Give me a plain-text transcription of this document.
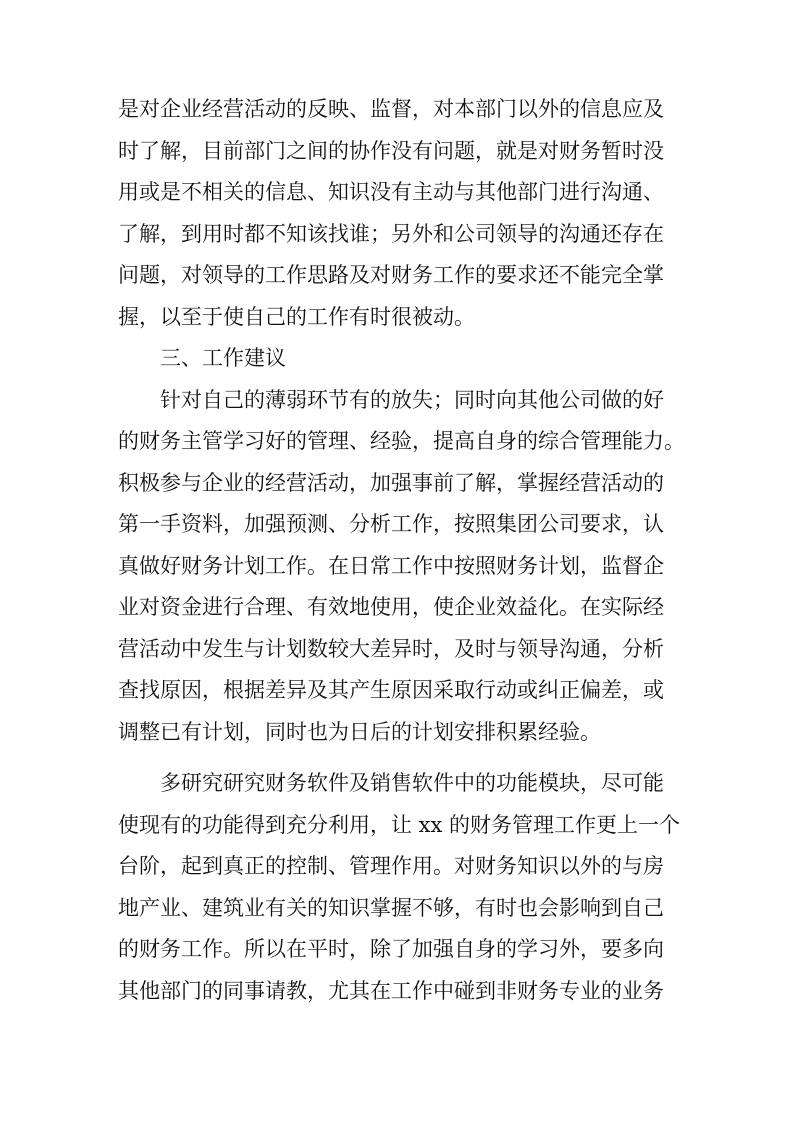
是对企业经营活动的反映、监督，对本部门以外的信息应及
时了解，目前部门之间的协作没有问题，就是对财务暂时没
用或是不相关的信息、知识没有主动与其他部门进行沟通、
了解，到用时都不知该找谁；另外和公司领导的沟通还存在
问题，对领导的工作思路及对财务工作的要求还不能完全掌
握，以至于使自己的工作有时很被动。
三、工作建议
针对自己的薄弱环节有的放失；同时向其他公司做的好
的财务主管学习好的管理、经验，提高自身的综合管理能力。
积极参与企业的经营活动，加强事前了解，掌握经营活动的
第一手资料，加强预测、分析工作，按照集团公司要求，认
真做好财务计划工作。在日常工作中按照财务计划，监督企
业对资金进行合理、有效地使用，使企业效益化。在实际经
营活动中发生与计划数较大差异时，及时与领导沟通，分析
查找原因，根据差异及其产生原因采取行动或纠正偏差，或
调整已有计划，同时也为日后的计划安排积累经验。
多研究研究财务软件及销售软件中的功能模块，尽可能
使现有的功能得到充分利用，让 xx 的财务管理工作更上一个
台阶，起到真正的控制、管理作用。对财务知识以外的与房
地产业、建筑业有关的知识掌握不够，有时也会影响到自己
的财务工作。所以在平时，除了加强自身的学习外，要多向
其他部门的同事请教，尤其在工作中碰到非财务专业的业务
